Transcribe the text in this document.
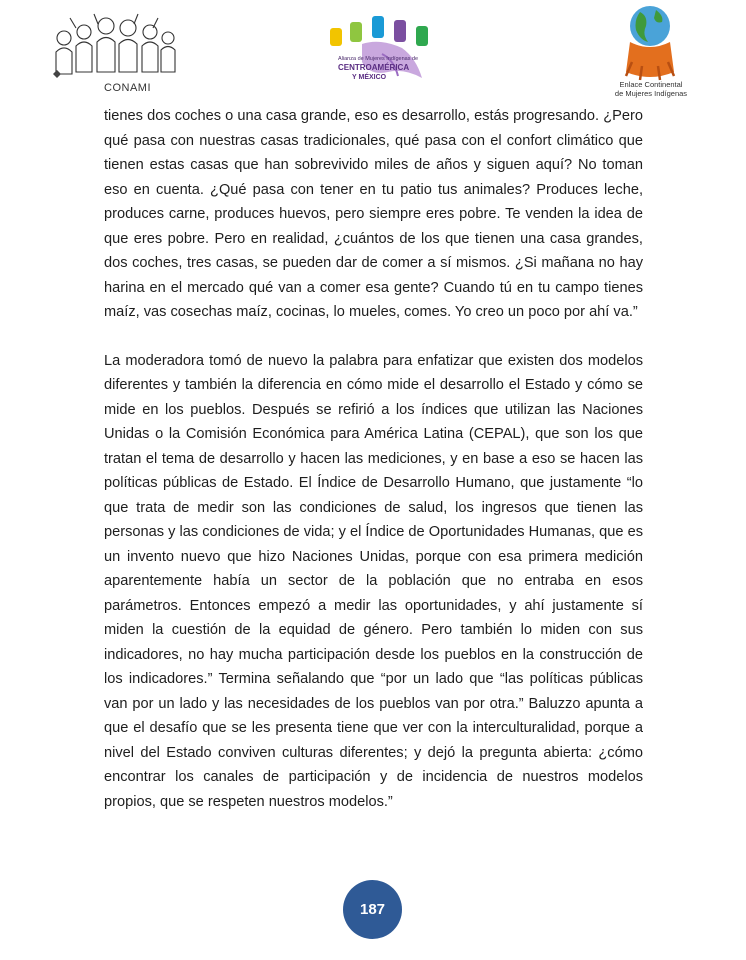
CONAMI
Alianza de Mujeres Indígenas de
CENTROAMÉRICA
Y MÉXICO
Enlace Continental
de Mujeres Indígenas

tienes dos coches o una casa grande, eso es desarrollo, estás progresando. ¿Pero qué pasa con nuestras casas tradicionales, qué pasa con el confort climático que tienen estas casas que han sobrevivido miles de años y siguen aquí? No toman eso en cuenta. ¿Qué pasa con tener en tu patio tus animales? Produces leche, produces carne, produces huevos, pero siempre eres pobre. Te venden la idea de que eres pobre. Pero en realidad, ¿cuántos de los que tienen una casa grandes, dos coches, tres casas, se pueden dar de comer a sí mismos. ¿Si mañana no hay harina en el mercado qué van a comer esa gente? Cuando tú en tu campo tienes maíz, vas cosechas maíz, cocinas, lo mueles, comes. Yo creo un poco por ahí va.”

La moderadora tomó de nuevo la palabra para enfatizar que existen dos modelos diferentes y también la diferencia en cómo mide el desarrollo el Estado y cómo se mide en los pueblos. Después se refirió a los índices que utilizan las Naciones Unidas o la Comisión Económica para América Latina (CEPAL), que son los que tratan el tema de desarrollo y hacen las mediciones, y en base a eso se hacen las políticas públicas de Estado. El Índice de Desarrollo Humano, que justamente “lo que trata de medir son las condiciones de salud, los ingresos que tienen las personas y las condiciones de vida; y el Índice de Oportunidades Humanas, que es un invento nuevo que hizo Naciones Unidas, porque con esa primera medición aparentemente había un sector de la población que no entraba en esos parámetros. Entonces empezó a medir las oportunidades, y ahí justamente sí miden la cuestión de la equidad de género. Pero también lo miden con sus indicadores, no hay mucha participación desde los pueblos en la construcción de los indicadores.” Termina señalando que “por un lado que “las políticas públicas van por un lado y las necesidades de los pueblos van por otra.” Baluzzo apunta a que el desafío que se les presenta tiene que ver con la interculturalidad, porque a nivel del Estado conviven culturas diferentes; y dejó la pregunta abierta: ¿cómo encontrar los canales de participación y de incidencia de nuestros modelos propios, que se respeten nuestros modelos.”

187
